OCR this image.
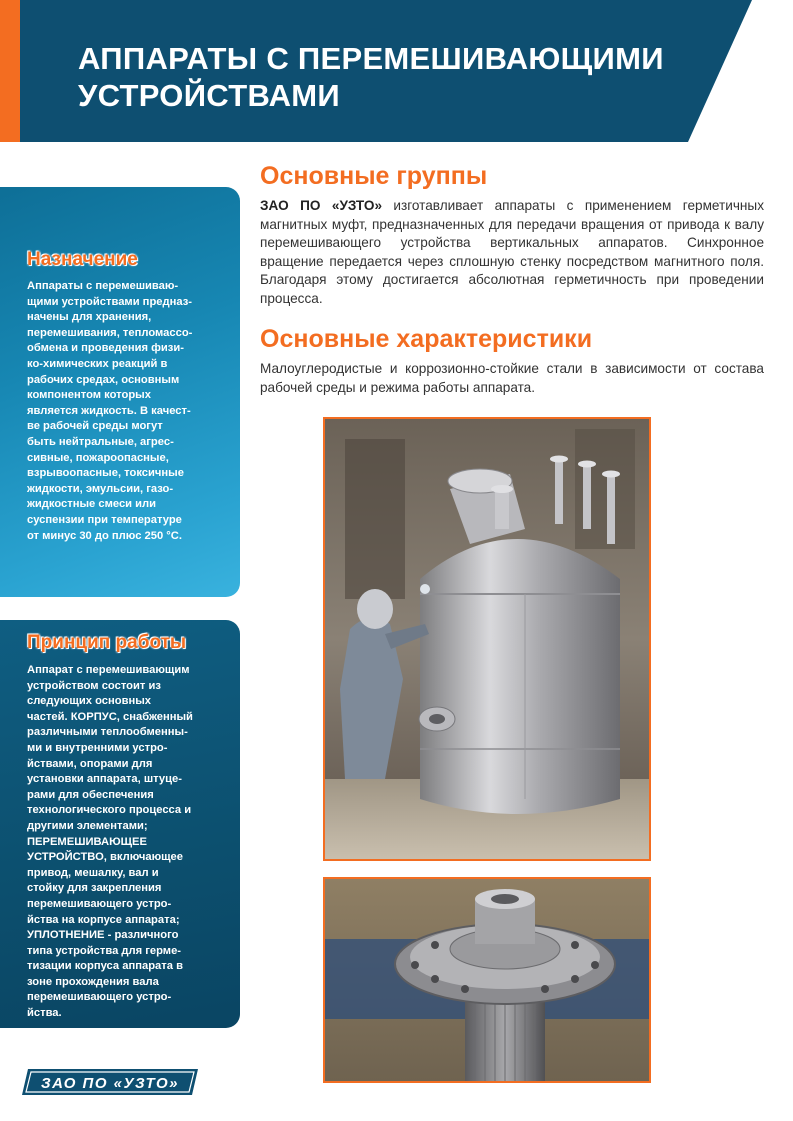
АППАРАТЫ С ПЕРЕМЕШИВАЮЩИМИ
УСТРОЙСТВАМИ
Назначение

Аппараты с перемешиваю-
щими устройствами предназ-
начены для хранения,
перемешивания, тепломассо-
обмена и проведения физи-
ко-химических реакций в
рабочих средах, основным
компонентом которых
является жидкость. В качест-
ве рабочей среды могут
быть нейтральные, агрес-
сивные, пожароопасные,
взрывоопасные, токсичные
жидкости, эмульсии, газо-
жидкостные смеси или
суспензии при температуре
от минус 30 до плюс 250 °С.

Принцип работы

Аппарат с перемешивающим
устройством состоит из
следующих основных
частей. КОРПУС, снабженный
различными теплообменны-
ми и внутренними устро-
йствами, опорами для
установки аппарата, штуце-
рами для обеспечения
технологического процесса и
другими элементами;
ПЕРЕМЕШИВАЮЩЕЕ
УСТРОЙСТВО, включающее
привод, мешалку, вал и
стойку для закрепления
перемешивающего устро-
йства на корпусе аппарата;
УПЛОТНЕНИЕ - различного
типа устройства для герме-
тизации корпуса аппарата в
зоне прохождения вала
перемешивающего устро-
йства.

Основные группы

ЗАО ПО «УЗТО» изготавливает аппараты с применением герметичных магнитных муфт, предназначенных для передачи вращения от привода к валу перемешивающего устройства вертикальных аппаратов. Синхронное вращение передается через сплошную стенку посредством магнитного поля. Благодаря этому достигается абсолютная герметичность при проведении процесса.

Основные характеристики

Малоуглеродистые и коррозионно-стойкие стали в зависимости от состава рабочей среды и режима работы аппарата.

ЗАО ПО «УЗТО»
